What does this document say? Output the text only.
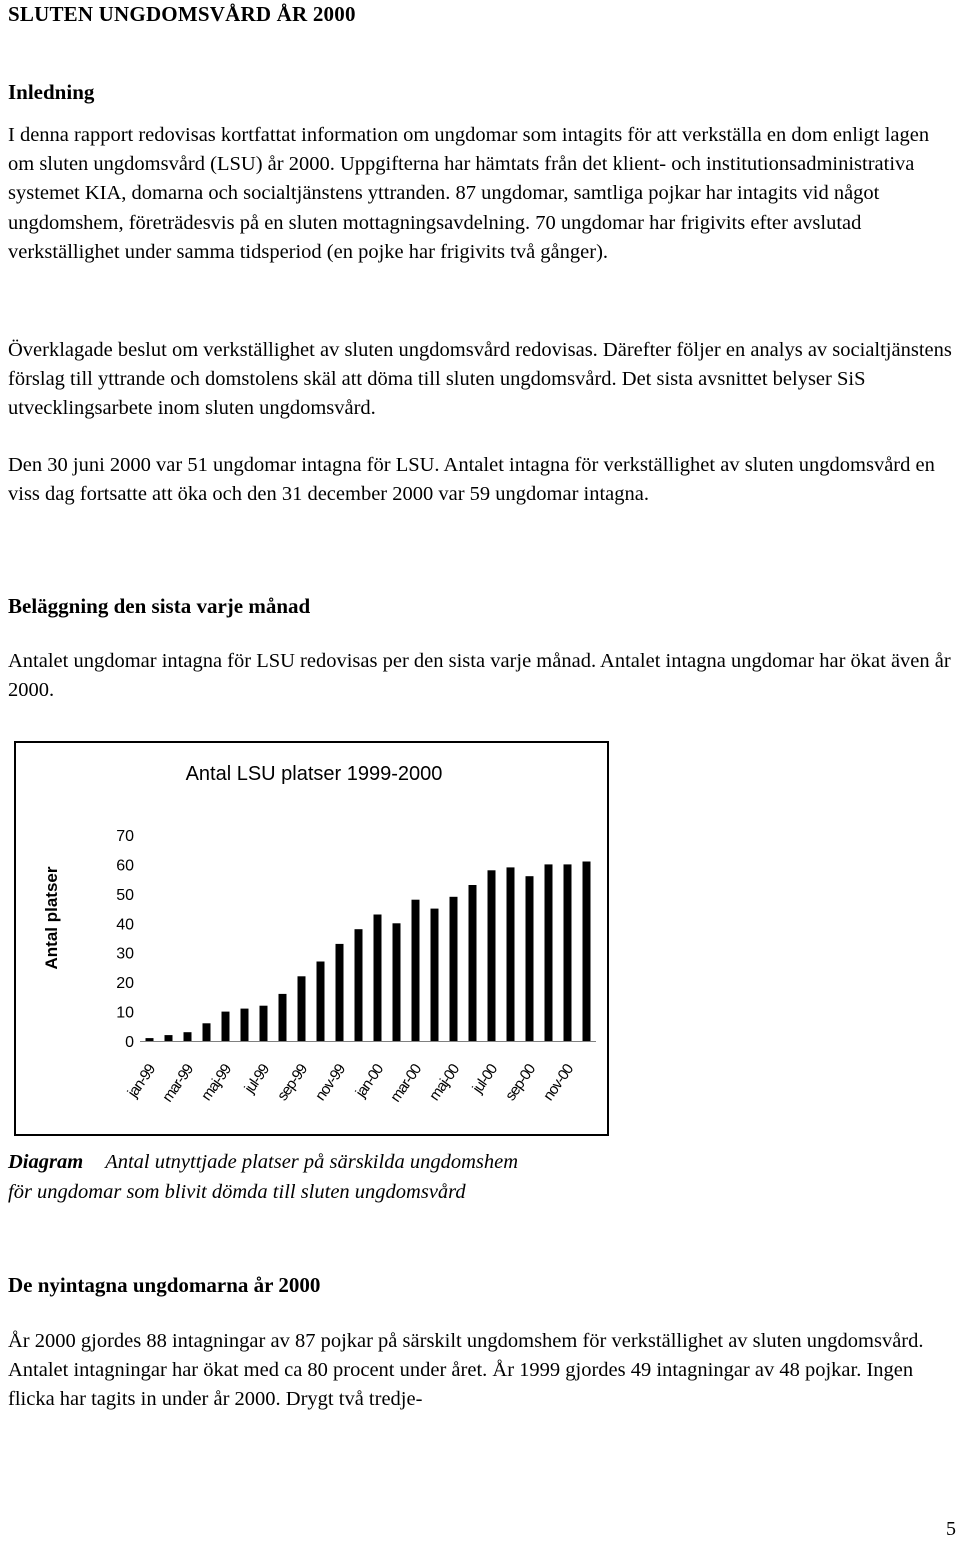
SLUTEN UNGDOMSVÅRD ÅR 2000
Inledning

I denna rapport redovisas kortfattat information om ungdomar som intagits för att verkställa en dom enligt lagen om sluten ungdomsvård (LSU) år 2000. Uppgifterna har hämtats från det klient- och institutionsadministrativa systemet KIA, domarna och socialtjänstens yttranden. 87 ungdomar, samtliga pojkar har intagits vid något ungdomshem, företrädesvis på en sluten mottagningsavdelning. 70 ungdomar har frigivits efter avslutad verkställighet under samma tidsperiod (en pojke har frigivits två gånger).

Överklagade beslut om verkställighet av sluten ungdomsvård redovisas. Därefter följer en analys av socialtjänstens förslag till yttrande och domstolens skäl att döma till sluten ungdomsvård. Det sista avsnittet belyser SiS utvecklingsarbete inom sluten ungdomsvård.

Den 30 juni 2000 var 51 ungdomar intagna för LSU. Antalet intagna för verkställighet av sluten ungdomsvård en viss dag fortsatte att öka och den 31 december 2000 var 59 ungdomar intagna.

Beläggning den sista varje månad

Antalet ungdomar intagna för LSU redovisas per den sista varje månad. Antalet intagna ungdomar har ökat även år 2000.

Antal LSU platser 1999-2000
Antal platser
0
10
20
30
40
50
60
70
jan-99 mar-99 maj-99 jul-99 sep-99 nov-99 jan-00 mar-00 maj-00 jul-00 sep-00 nov-00
Diagram Antal utnyttjade platser på särskilda ungdomshem
för ungdomar som blivit dömda till sluten ungdomsvård
De nyintagna ungdomarna år 2000

År 2000 gjordes 88 intagningar av 87 pojkar på särskilt ungdomshem för verkställighet av sluten ungdomsvård. Antalet intagningar har ökat med ca 80 procent under året. År 1999 gjordes 49 intagningar av 48 pojkar. Ingen flicka har tagits in under år 2000. Drygt två tredje-

5
